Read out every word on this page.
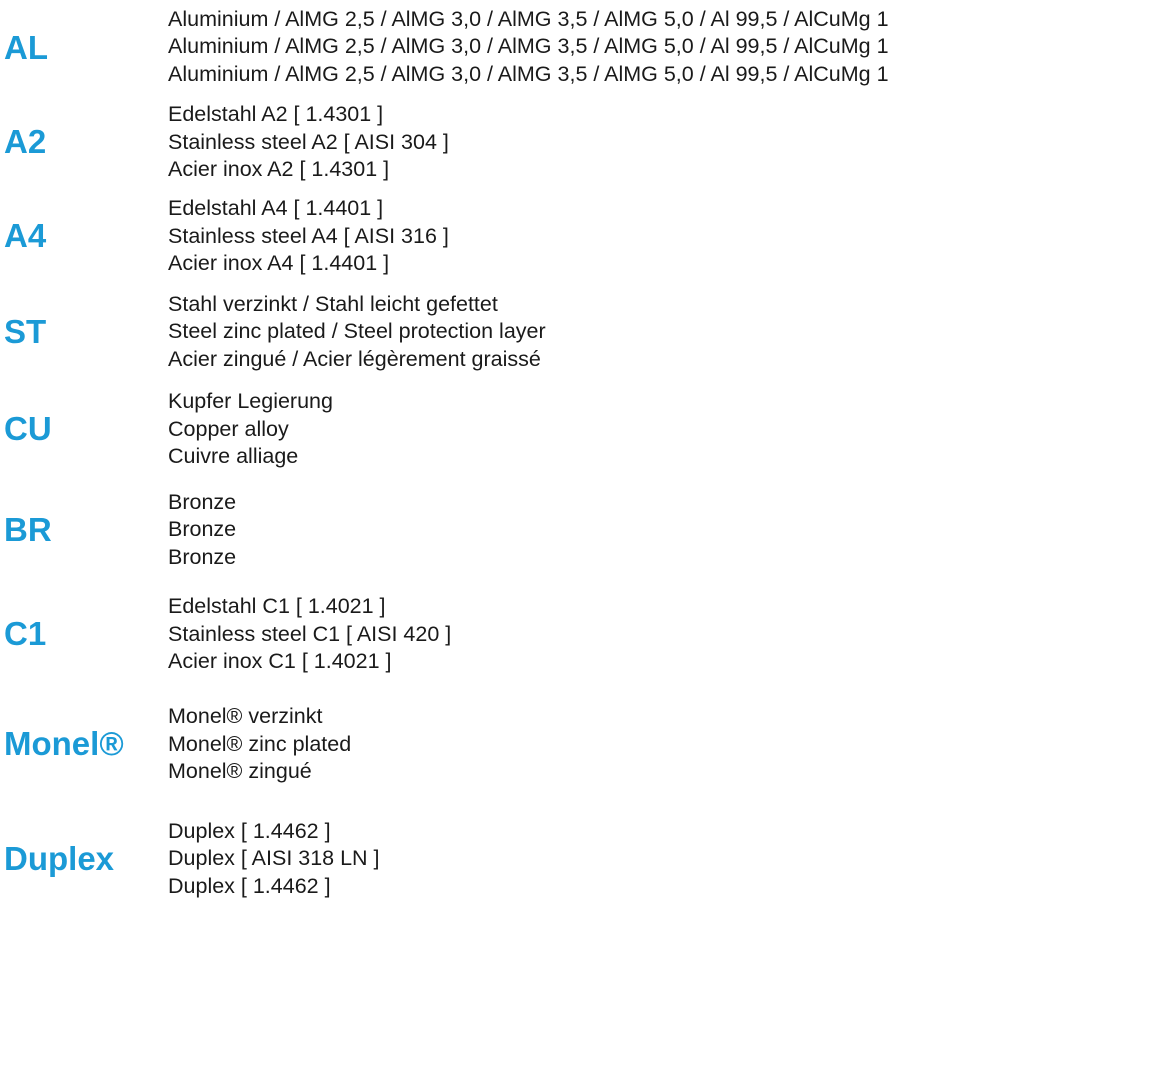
AL
Aluminium / AlMG 2,5 / AlMG 3,0 / AlMG 3,5 / AlMG 5,0 / Al 99,5 / AlCuMg 1
Aluminium / AlMG 2,5 / AlMG 3,0 / AlMG 3,5 / AlMG 5,0 / Al 99,5 / AlCuMg 1
Aluminium / AlMG 2,5 / AlMG 3,0 / AlMG 3,5 / AlMG 5,0 / Al 99,5 / AlCuMg 1
A2
Edelstahl A2 [ 1.4301 ]
Stainless steel A2 [ AISI 304 ]
Acier inox A2 [ 1.4301 ]
A4
Edelstahl A4 [ 1.4401 ]
Stainless steel A4 [ AISI 316 ]
Acier inox A4 [ 1.4401 ]
ST
Stahl verzinkt / Stahl leicht gefettet
Steel zinc plated / Steel protection layer
Acier zingué / Acier légèrement graissé
CU
Kupfer Legierung
Copper alloy
Cuivre alliage
BR
Bronze
Bronze
Bronze
C1
Edelstahl C1 [ 1.4021 ]
Stainless steel C1 [ AISI 420 ]
Acier inox C1 [ 1.4021 ]
Monel®
Monel® verzinkt
Monel® zinc plated
Monel® zingué
Duplex
Duplex [ 1.4462 ]
Duplex [ AISI 318 LN ]
Duplex [ 1.4462 ]
